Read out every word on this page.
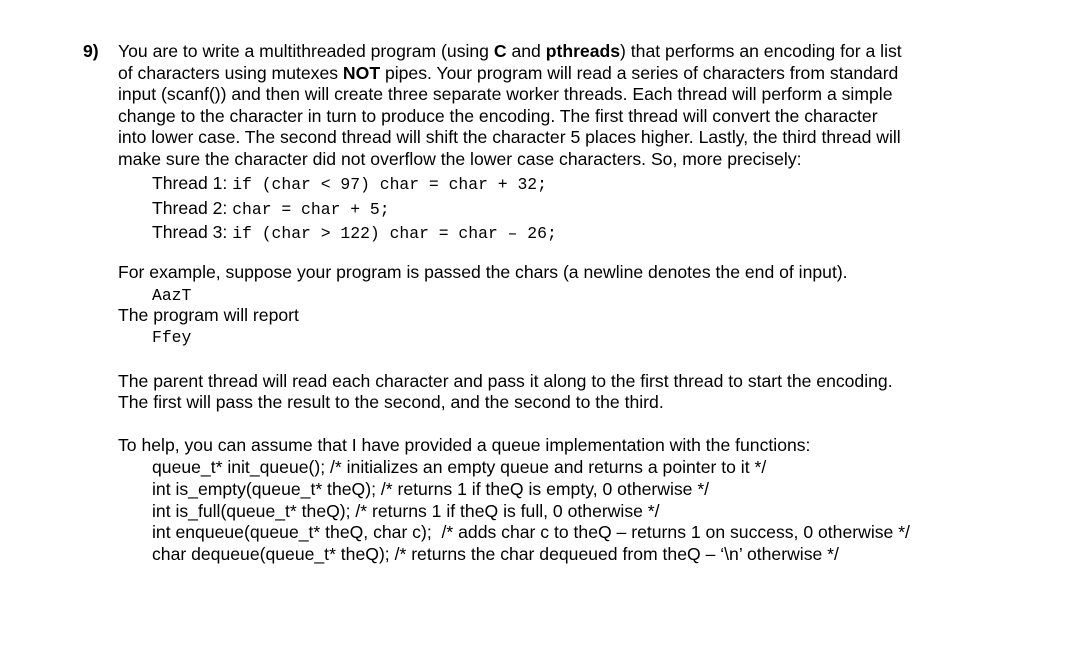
9) You are to write a multithreaded program (using C and pthreads) that performs an encoding for a list
of characters using mutexes NOT pipes. Your program will read a series of characters from standard
input (scanf()) and then will create three separate worker threads. Each thread will perform a simple
change to the character in turn to produce the encoding. The first thread will convert the character
into lower case. The second thread will shift the character 5 places higher. Lastly, the third thread will
make sure the character did not overflow the lower case characters. So, more precisely:
Thread 1: if (char < 97) char = char + 32;
Thread 2: char = char + 5;
Thread 3: if (char > 122) char = char – 26;
For example, suppose your program is passed the chars (a newline denotes the end of input).
AazT
The program will report
Ffey
The parent thread will read each character and pass it along to the first thread to start the encoding.
The first will pass the result to the second, and the second to the third.
To help, you can assume that I have provided a queue implementation with the functions:
queue_t* init_queue(); /* initializes an empty queue and returns a pointer to it */
int is_empty(queue_t* theQ); /* returns 1 if theQ is empty, 0 otherwise */
int is_full(queue_t* theQ); /* returns 1 if theQ is full, 0 otherwise */
int enqueue(queue_t* theQ, char c);  /* adds char c to theQ – returns 1 on success, 0 otherwise */
char dequeue(queue_t* theQ); /* returns the char dequeued from theQ – ‘\n’ otherwise */
